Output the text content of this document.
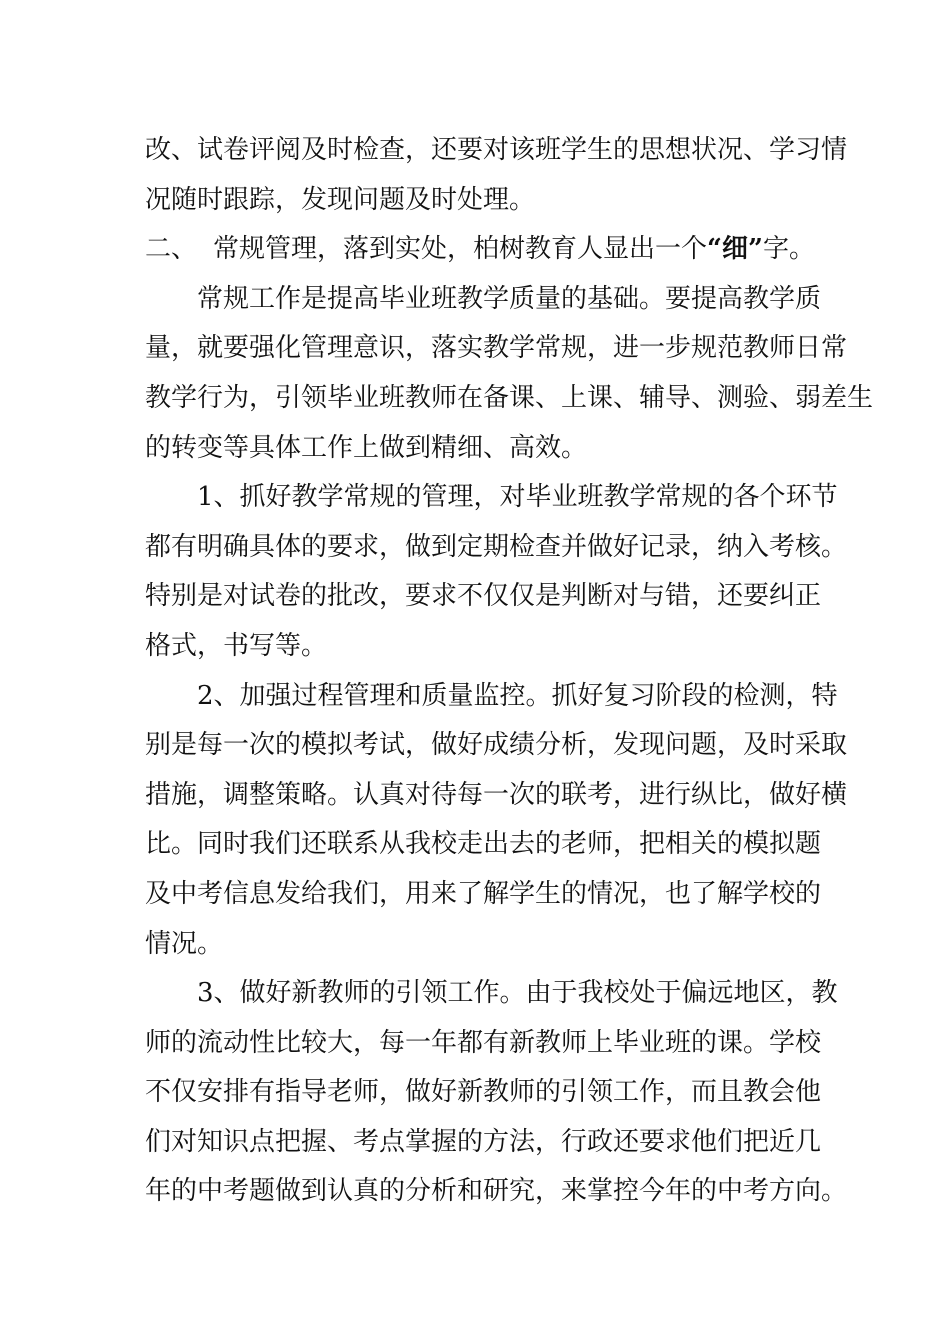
改、试卷评阅及时检查，还要对该班学生的思想状况、学习情

况随时跟踪，发现问题及时处理。

二、 常规管理，落到实处，柏树教育人显出一个“细”字。

常规工作是提高毕业班教学质量的基础。要提高教学质

量，就要强化管理意识，落实教学常规，进一步规范教师日常

教学行为，引领毕业班教师在备课、上课、辅导、测验、弱差生

的转变等具体工作上做到精细、高效。

1、抓好教学常规的管理，对毕业班教学常规的各个环节

都有明确具体的要求，做到定期检查并做好记录，纳入考核。

特别是对试卷的批改，要求不仅仅是判断对与错，还要纠正

格式，书写等。

2、加强过程管理和质量监控。抓好复习阶段的检测，特

别是每一次的模拟考试，做好成绩分析，发现问题，及时采取

措施，调整策略。认真对待每一次的联考，进行纵比，做好横

比。同时我们还联系从我校走出去的老师，把相关的模拟题

及中考信息发给我们，用来了解学生的情况，也了解学校的

情况。

3、做好新教师的引领工作。由于我校处于偏远地区，教

师的流动性比较大，每一年都有新教师上毕业班的课。学校

不仅安排有指导老师，做好新教师的引领工作，而且教会他

们对知识点把握、考点掌握的方法，行政还要求他们把近几

年的中考题做到认真的分析和研究，来掌控今年的中考方向。
